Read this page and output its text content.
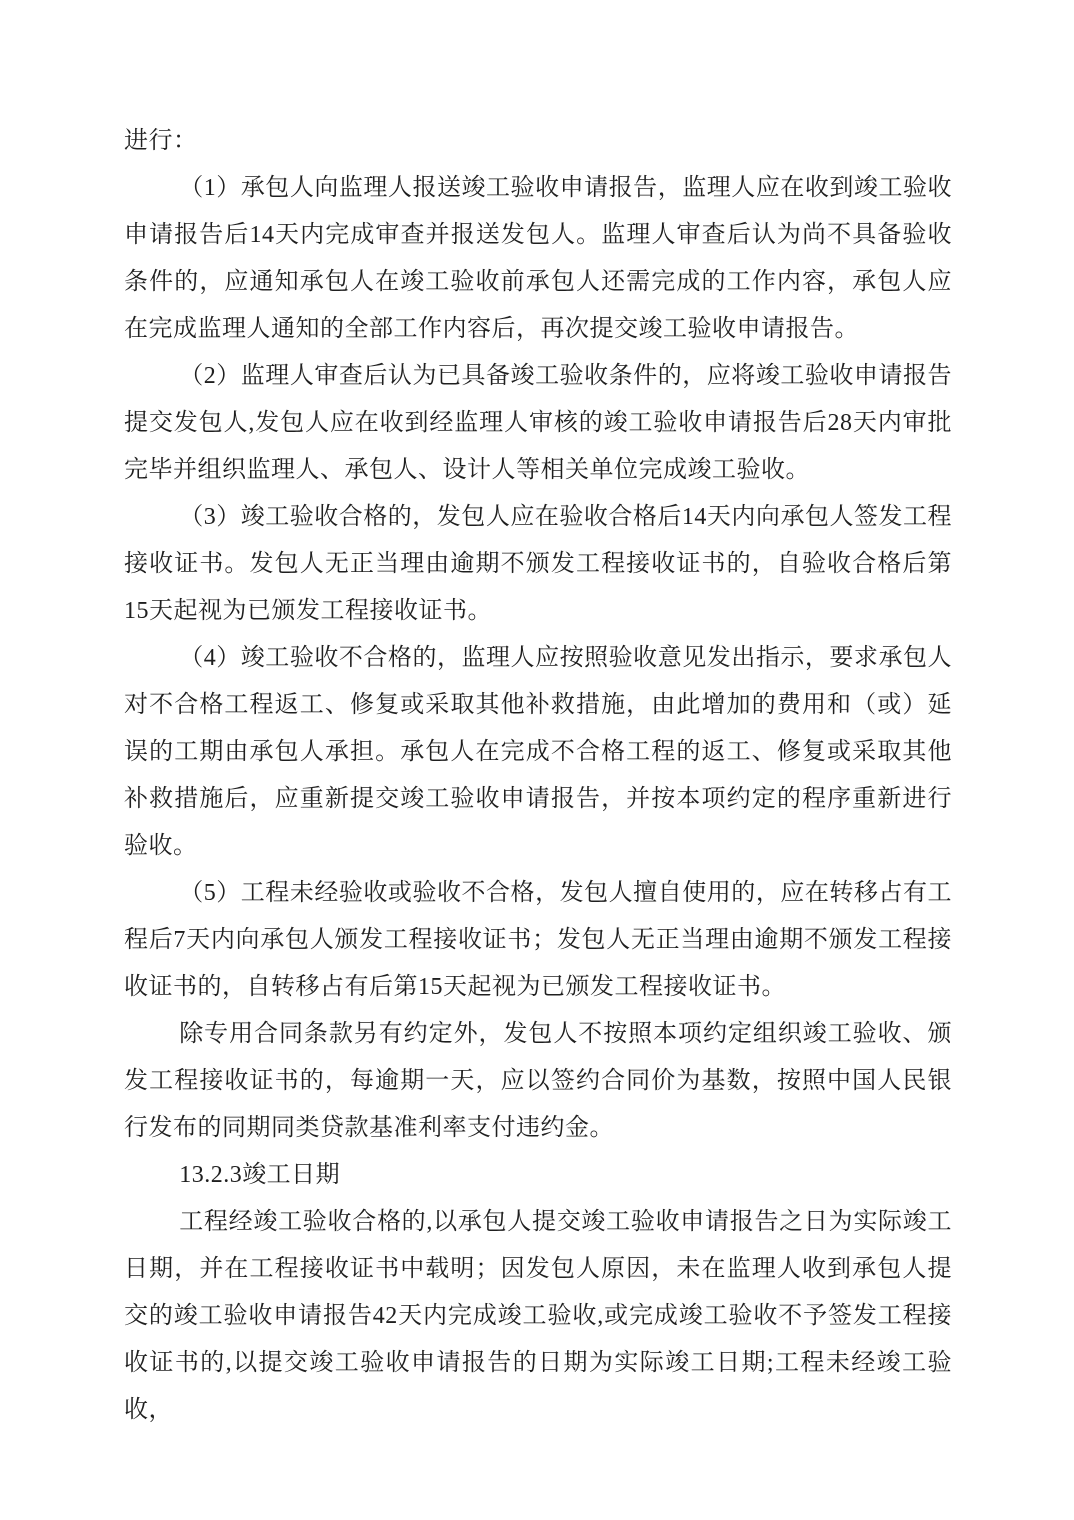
进行：

（1）承包人向监理人报送竣工验收申请报告，监理人应在收到竣工验收申请报告后14天内完成审查并报送发包人。监理人审查后认为尚不具备验收条件的，应通知承包人在竣工验收前承包人还需完成的工作内容，承包人应在完成监理人通知的全部工作内容后，再次提交竣工验收申请报告。

（2）监理人审查后认为已具备竣工验收条件的，应将竣工验收申请报告提交发包人,发包人应在收到经监理人审核的竣工验收申请报告后28天内审批完毕并组织监理人、承包人、设计人等相关单位完成竣工验收。

（3）竣工验收合格的，发包人应在验收合格后14天内向承包人签发工程接收证书。发包人无正当理由逾期不颁发工程接收证书的，自验收合格后第15天起视为已颁发工程接收证书。

（4）竣工验收不合格的，监理人应按照验收意见发出指示，要求承包人对不合格工程返工、修复或采取其他补救措施，由此增加的费用和（或）延误的工期由承包人承担。承包人在完成不合格工程的返工、修复或采取其他补救措施后，应重新提交竣工验收申请报告，并按本项约定的程序重新进行验收。

（5）工程未经验收或验收不合格，发包人擅自使用的，应在转移占有工程后7天内向承包人颁发工程接收证书；发包人无正当理由逾期不颁发工程接收证书的，自转移占有后第15天起视为已颁发工程接收证书。

除专用合同条款另有约定外，发包人不按照本项约定组织竣工验收、颁发工程接收证书的，每逾期一天，应以签约合同价为基数，按照中国人民银行发布的同期同类贷款基准利率支付违约金。

13.2.3竣工日期

工程经竣工验收合格的,以承包人提交竣工验收申请报告之日为实际竣工日期，并在工程接收证书中载明；因发包人原因，未在监理人收到承包人提交的竣工验收申请报告42天内完成竣工验收,或完成竣工验收不予签发工程接收证书的,以提交竣工验收申请报告的日期为实际竣工日期;工程未经竣工验收，
